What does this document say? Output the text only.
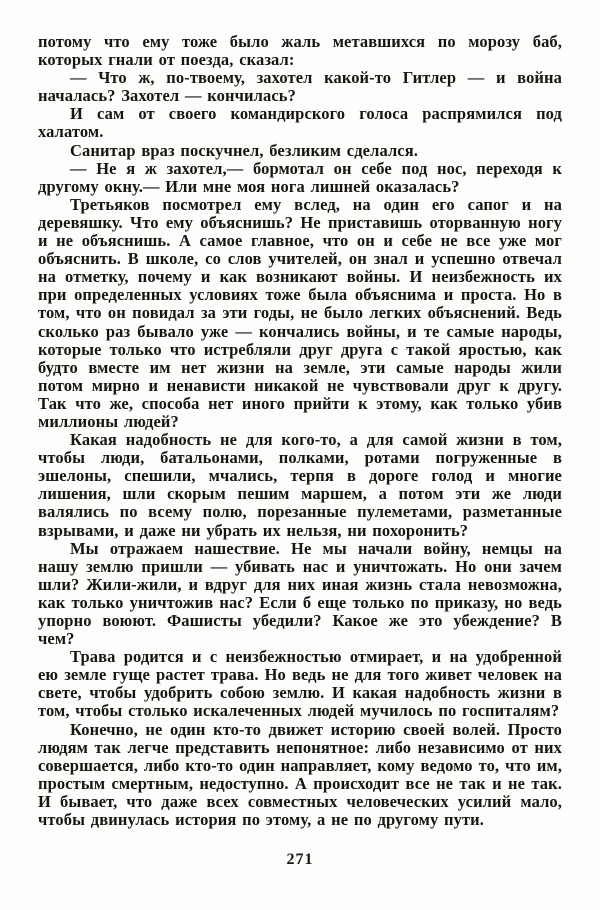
потому что ему тоже было жаль метавшихся по морозу баб, которых гнали от поезда, сказал:

— Что ж, по-твоему, захотел какой-то Гитлер — и война началась? Захотел — кончилась?

И сам от своего командирского голоса распрямился под халатом.

Санитар враз поскучнел, безликим сделался.

— Не я ж захотел,— бормотал он себе под нос, переходя к другому окну.— Или мне моя нога лишней оказалась?

Третьяков посмотрел ему вслед, на один его сапог и на деревяшку. Что ему объяснишь? Не приставишь оторванную ногу и не объяснишь. А самое главное, что он и себе не все уже мог объяснить. В школе, со слов учителей, он знал и успешно отвечал на отметку, почему и как возникают войны. И неизбежность их при определенных условиях тоже была объяснима и проста. Но в том, что он повидал за эти годы, не было легких объяснений. Ведь сколько раз бывало уже — кончались войны, и те самые народы, которые только что истребляли друг друга с такой яростью, как будто вместе им нет жизни на земле, эти самые народы жили потом мирно и ненависти никакой не чувствовали друг к другу. Так что же, способа нет иного прийти к этому, как только убив миллионы людей?

Какая надобность не для кого-то, а для самой жизни в том, чтобы люди, батальонами, полками, ротами погруженные в эшелоны, спешили, мчались, терпя в дороге голод и многие лишения, шли скорым пешим маршем, а потом эти же люди валялись по всему полю, порезанные пулеметами, разметанные взрывами, и даже ни убрать их нельзя, ни похоронить?

Мы отражаем нашествие. Не мы начали войну, немцы на нашу землю пришли — убивать нас и уничтожать. Но они зачем шли? Жили-жили, и вдруг для них иная жизнь стала невозможна, как только уничтожив нас? Если б еще только по приказу, но ведь упорно воюют. Фашисты убедили? Какое же это убеждение? В чем?

Трава родится и с неизбежностью отмирает, и на удобренной ею земле гуще растет трава. Но ведь не для того живет человек на свете, чтобы удобрить собою землю. И какая надобность жизни в том, чтобы столько искалеченных людей мучилось по госпиталям?

Конечно, не один кто-то движет историю своей волей. Просто людям так легче представить непонятное: либо независимо от них совершается, либо кто-то один направляет, кому ведомо то, что им, простым смертным, недоступно. А происходит все не так и не так. И бывает, что даже всех совместных человеческих усилий мало, чтобы двинулась история по этому, а не по другому пути.

271
